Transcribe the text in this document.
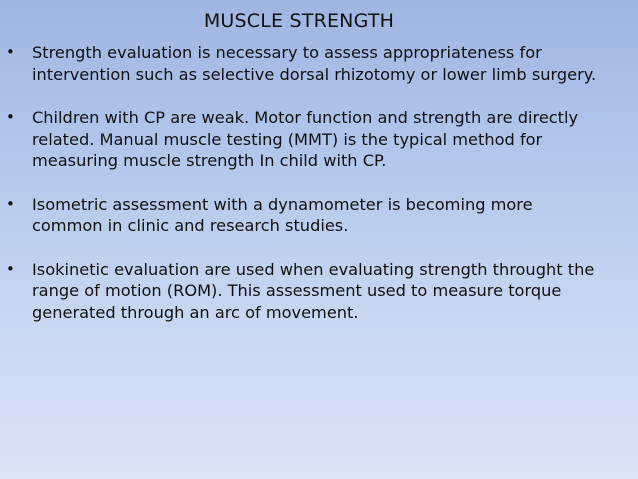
MUSCLE STRENGTH
•	Strength evaluation is necessary to assess appropriateness for
intervention such as selective dorsal rhizotomy or lower limb surgery.
•	Children with CP are weak. Motor function and strength are directly
related. Manual muscle testing (MMT) is the typical method for
measuring muscle strength In child with CP.
•	Isometric assessment with a dynamometer is becoming more
common in clinic and research studies.
•	Isokinetic evaluation are used when evaluating strength throught the
range of motion (ROM). This assessment used to measure torque
generated through an arc of movement.
